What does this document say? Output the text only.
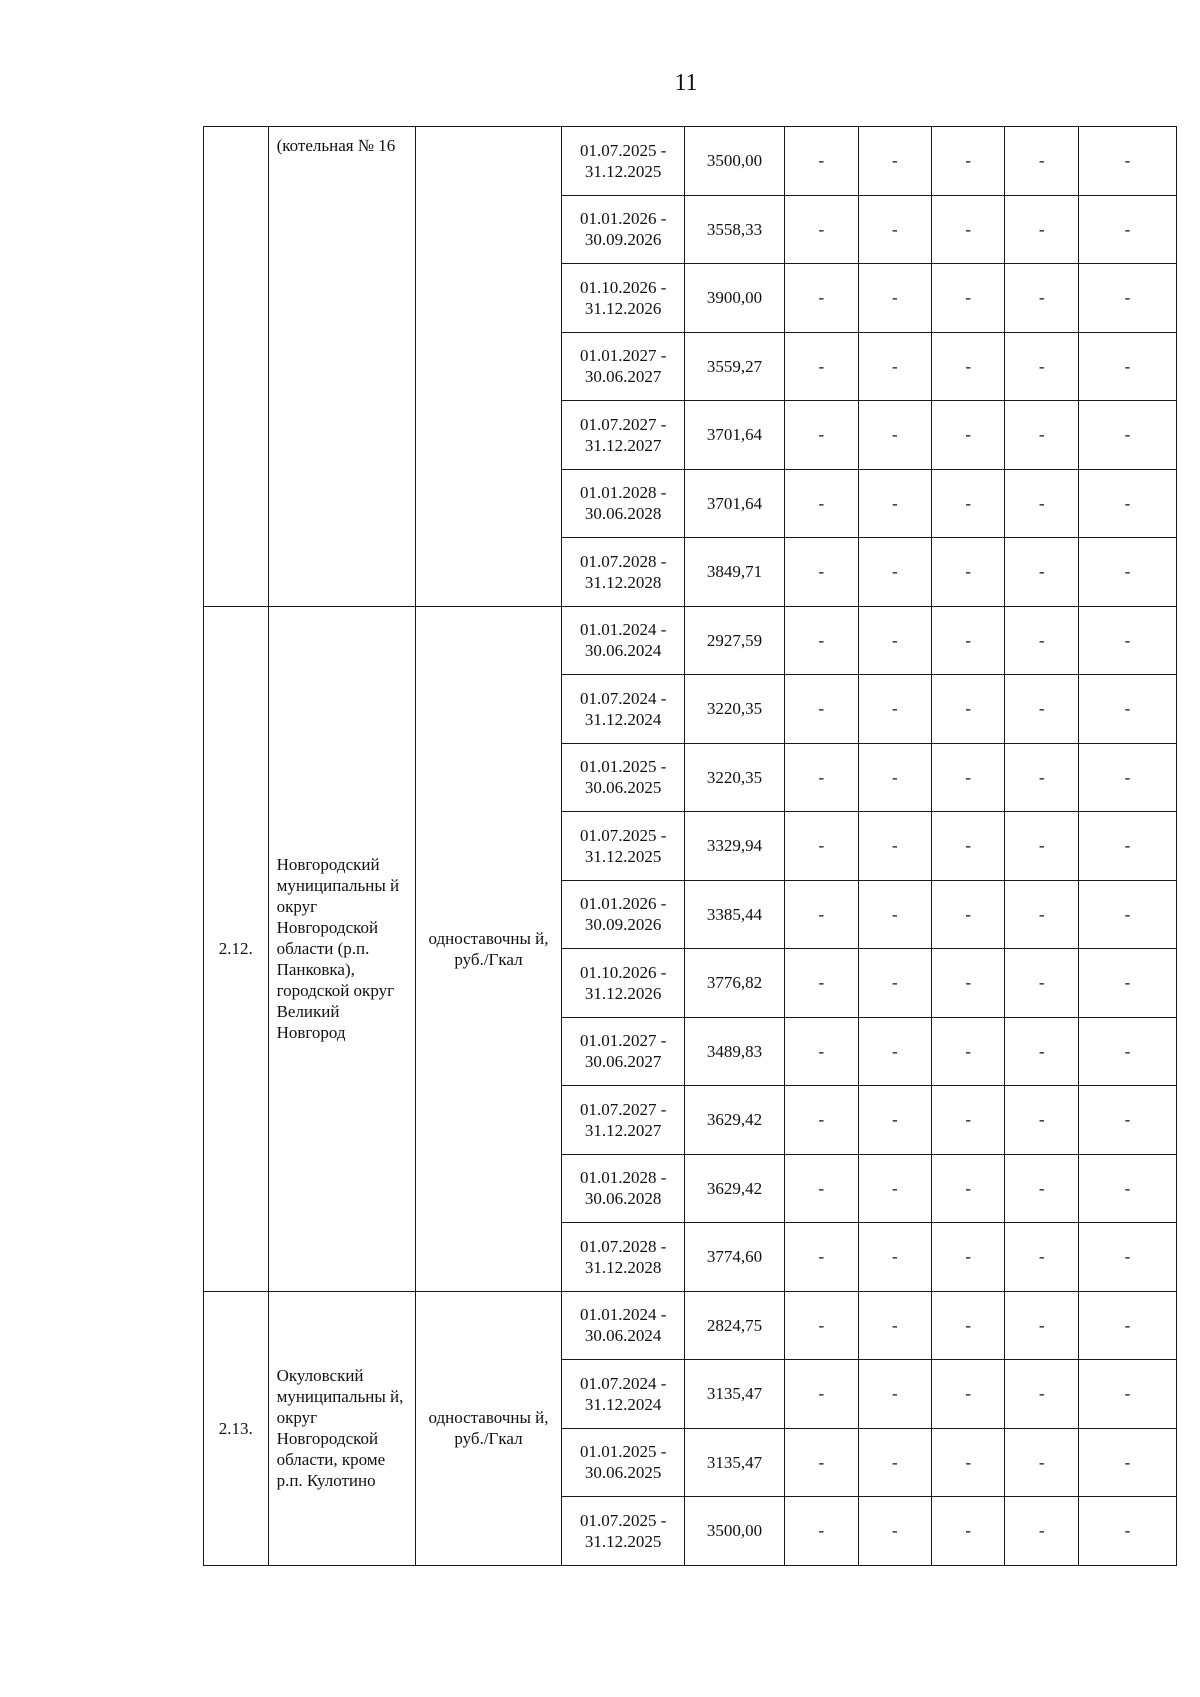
11
	(котельная № 16		01.07.2025 -
31.12.2025	3500,00	-	-	-	-	-

			01.01.2026 -
30.09.2026	3558,33	-	-	-	-	-

			01.10.2026 -
31.12.2026	3900,00	-	-	-	-	-

			01.01.2027 -
30.06.2027	3559,27	-	-	-	-	-

			01.07.2027 -
31.12.2027	3701,64	-	-	-	-	-

			01.01.2028 -
30.06.2028	3701,64	-	-	-	-	-

			01.07.2028 -
31.12.2028	3849,71	-	-	-	-	-
2.12.	Новгородский муниципальны й округ Новгородской области (р.п. Панковка), городской округ Великий Новгород	одноставочны й, руб./Гкал	01.01.2024 -
30.06.2024	2927,59	-	-	-	-	-

			01.07.2024 -
31.12.2024	3220,35	-	-	-	-	-

			01.01.2025 -
30.06.2025	3220,35	-	-	-	-	-

			01.07.2025 -
31.12.2025	3329,94	-	-	-	-	-

			01.01.2026 -
30.09.2026	3385,44	-	-	-	-	-

			01.10.2026 -
31.12.2026	3776,82	-	-	-	-	-

			01.01.2027 -
30.06.2027	3489,83	-	-	-	-	-

			01.07.2027 -
31.12.2027	3629,42	-	-	-	-	-

			01.01.2028 -
30.06.2028	3629,42	-	-	-	-	-

			01.07.2028 -
31.12.2028	3774,60	-	-	-	-	-
2.13.	Окуловский муниципальны й, округ Новгородской области, кроме р.п. Кулотино	одноставочны й, руб./Гкал	01.01.2024 -
30.06.2024	2824,75	-	-	-	-	-

			01.07.2024 -
31.12.2024	3135,47	-	-	-	-	-

			01.01.2025 -
30.06.2025	3135,47	-	-	-	-	-

			01.07.2025 -
31.12.2025	3500,00	-	-	-	-	-
